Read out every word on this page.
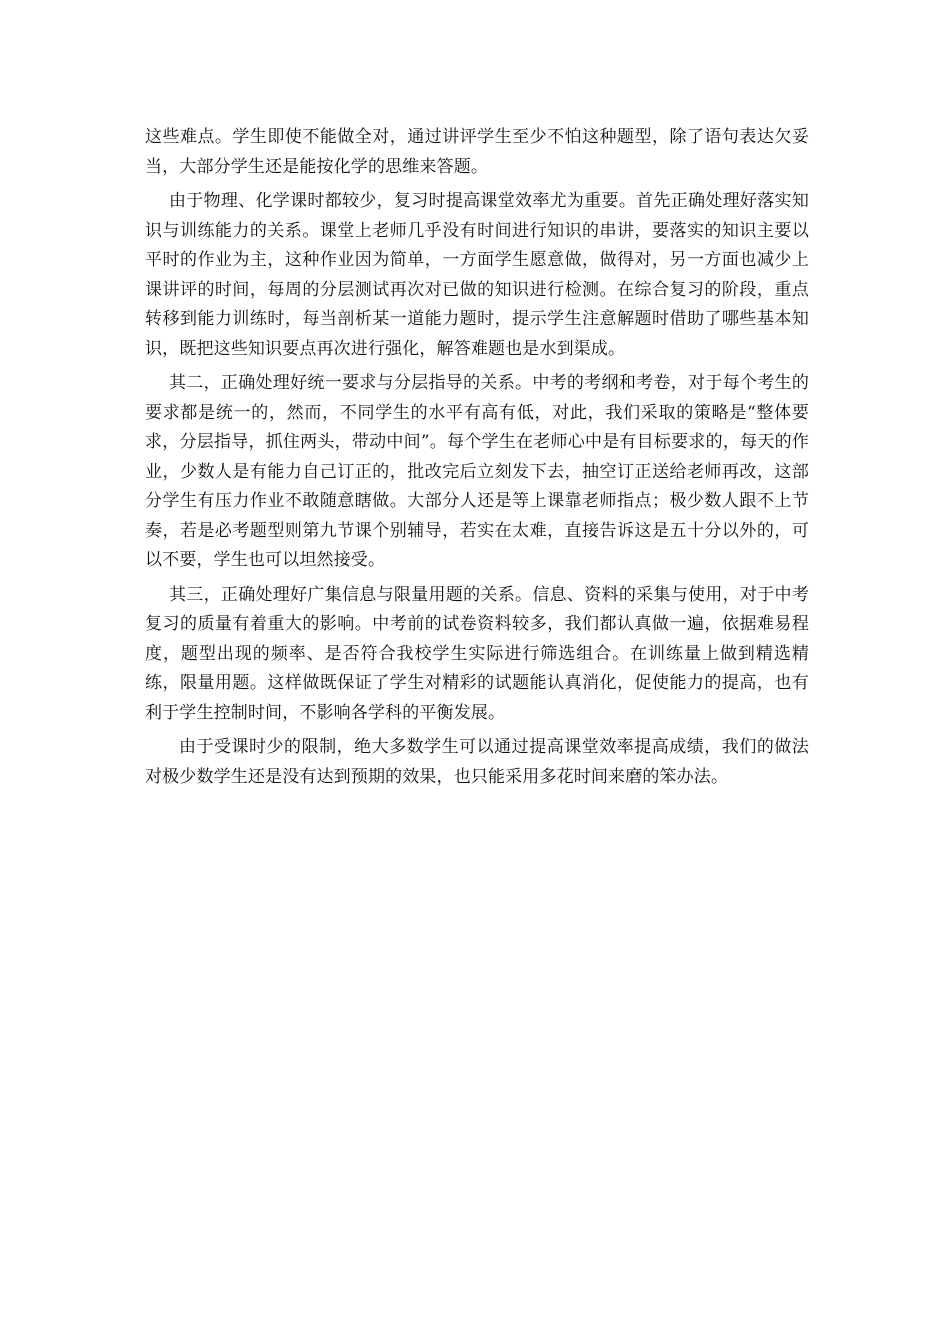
这些难点。学生即使不能做全对，通过讲评学生至少不怕这种题型，除了语句表达欠妥当，大部分学生还是能按化学的思维来答题。

由于物理、化学课时都较少，复习时提高课堂效率尤为重要。首先正确处理好落实知识与训练能力的关系。课堂上老师几乎没有时间进行知识的串讲，要落实的知识主要以平时的作业为主，这种作业因为简单，一方面学生愿意做，做得对，另一方面也减少上课讲评的时间，每周的分层测试再次对已做的知识进行检测。在综合复习的阶段，重点转移到能力训练时，每当剖析某一道能力题时，提示学生注意解题时借助了哪些基本知识，既把这些知识要点再次进行强化，解答难题也是水到渠成。

其二，正确处理好统一要求与分层指导的关系。中考的考纲和考卷，对于每个考生的要求都是统一的，然而，不同学生的水平有高有低，对此，我们采取的策略是“整体要求，分层指导，抓住两头，带动中间”。每个学生在老师心中是有目标要求的，每天的作业，少数人是有能力自己订正的，批改完后立刻发下去，抽空订正送给老师再改，这部分学生有压力作业不敢随意瞎做。大部分人还是等上课靠老师指点；极少数人跟不上节奏，若是必考题型则第九节课个别辅导，若实在太难，直接告诉这是五十分以外的，可以不要，学生也可以坦然接受。

其三，正确处理好广集信息与限量用题的关系。信息、资料的采集与使用，对于中考复习的质量有着重大的影响。中考前的试卷资料较多，我们都认真做一遍，依据难易程度，题型出现的频率、是否符合我校学生实际进行筛选组合。在训练量上做到精选精练，限量用题。这样做既保证了学生对精彩的试题能认真消化，促使能力的提高，也有利于学生控制时间，不影响各学科的平衡发展。

由于受课时少的限制，绝大多数学生可以通过提高课堂效率提高成绩，我们的做法对极少数学生还是没有达到预期的效果，也只能采用多花时间来磨的笨办法。
